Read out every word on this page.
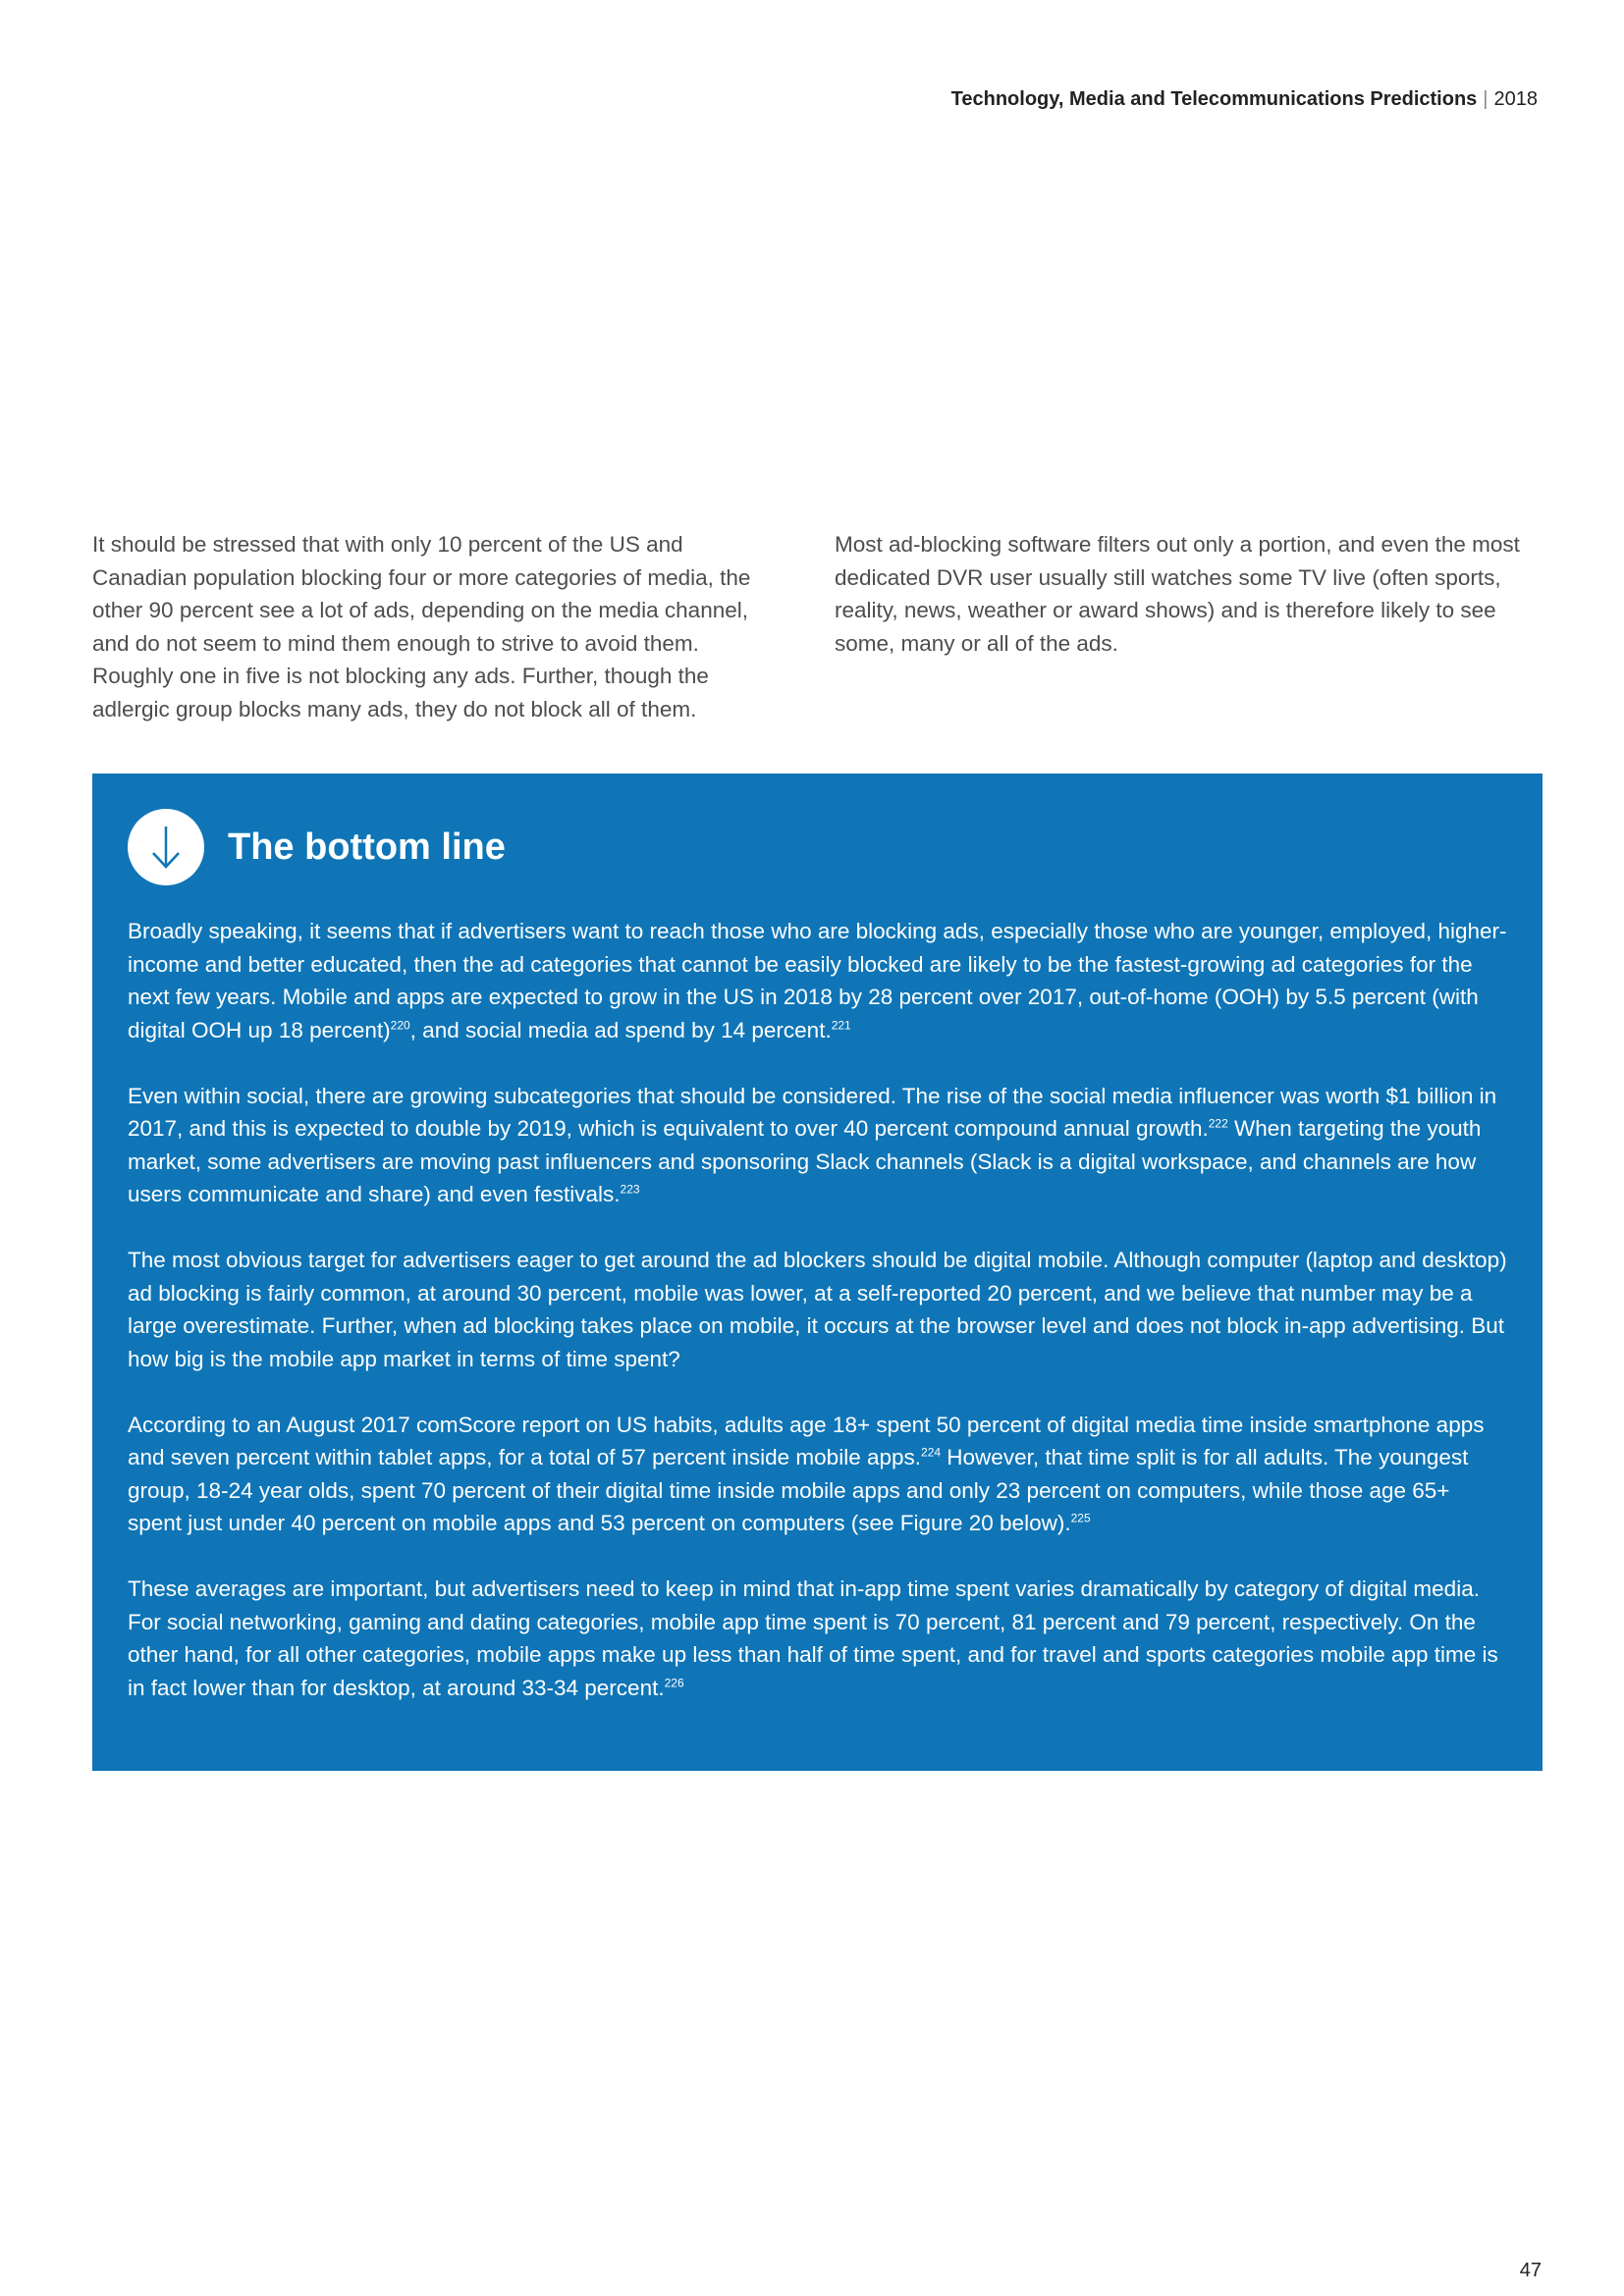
Technology, Media and Telecommunications Predictions | 2018

It should be stressed that with only 10 percent of the US and Canadian population blocking four or more categories of media, the other 90 percent see a lot of ads, depending on the media channel, and do not seem to mind them enough to strive to avoid them. Roughly one in five is not blocking any ads. Further, though the adlergic group blocks many ads, they do not block all of them.

Most ad-blocking software filters out only a portion, and even the most dedicated DVR user usually still watches some TV live (often sports, reality, news, weather or award shows) and is therefore likely to see some, many or all of the ads.

The bottom line

Broadly speaking, it seems that if advertisers want to reach those who are blocking ads, especially those who are younger, employed, higher-income and better educated, then the ad categories that cannot be easily blocked are likely to be the fastest-growing ad categories for the next few years. Mobile and apps are expected to grow in the US in 2018 by 28 percent over 2017, out-of-home (OOH) by 5.5 percent (with digital OOH up 18 percent)$^{220}$, and social media ad spend by 14 percent.$^{221}$

Even within social, there are growing subcategories that should be considered. The rise of the social media influencer was worth $1 billion in 2017, and this is expected to double by 2019, which is equivalent to over 40 percent compound annual growth.$^{222}$ When targeting the youth market, some advertisers are moving past influencers and sponsoring Slack channels (Slack is a digital workspace, and channels are how users communicate and share) and even festivals.$^{223}$

The most obvious target for advertisers eager to get around the ad blockers should be digital mobile. Although computer (laptop and desktop) ad blocking is fairly common, at around 30 percent, mobile was lower, at a self-reported 20 percent, and we believe that number may be a large overestimate. Further, when ad blocking takes place on mobile, it occurs at the browser level and does not block in-app advertising. But how big is the mobile app market in terms of time spent?

According to an August 2017 comScore report on US habits, adults age 18+ spent 50 percent of digital media time inside smartphone apps and seven percent within tablet apps, for a total of 57 percent inside mobile apps.$^{224}$ However, that time split is for all adults. The youngest group, 18-24 year olds, spent 70 percent of their digital time inside mobile apps and only 23 percent on computers, while those age 65+ spent just under 40 percent on mobile apps and 53 percent on computers (see Figure 20 below).$^{225}$

These averages are important, but advertisers need to keep in mind that in-app time spent varies dramatically by category of digital media. For social networking, gaming and dating categories, mobile app time spent is 70 percent, 81 percent and 79 percent, respectively. On the other hand, for all other categories, mobile apps make up less than half of time spent, and for travel and sports categories mobile app time is in fact lower than for desktop, at around 33-34 percent.$^{226}$

47
